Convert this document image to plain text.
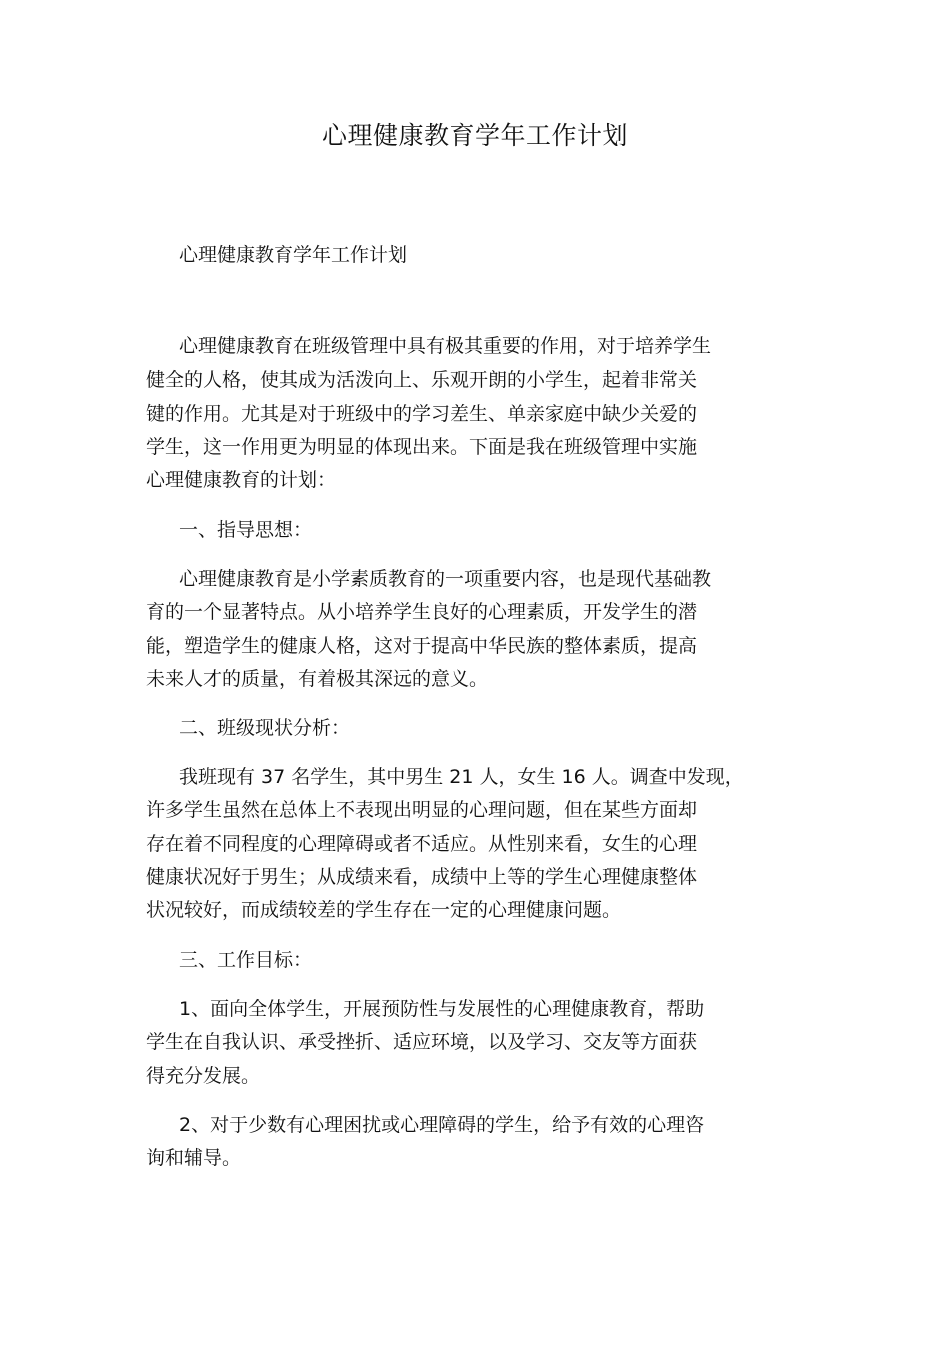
心理健康教育学年工作计划
心理健康教育学年工作计划
心理健康教育在班级管理中具有极其重要的作用，对于培养学生
健全的人格，使其成为活泼向上、乐观开朗的小学生，起着非常关
键的作用。尤其是对于班级中的学习差生、单亲家庭中缺少关爱的
学生，这一作用更为明显的体现出来。下面是我在班级管理中实施
心理健康教育的计划：
一、指导思想：
心理健康教育是小学素质教育的一项重要内容，也是现代基础教
育的一个显著特点。从小培养学生良好的心理素质，开发学生的潜
能，塑造学生的健康人格，这对于提高中华民族的整体素质，提高
未来人才的质量，有着极其深远的意义。
二、班级现状分析：
我班现有 37 名学生，其中男生 21 人，女生 16 人。调查中发现，
许多学生虽然在总体上不表现出明显的心理问题，但在某些方面却
存在着不同程度的心理障碍或者不适应。从性别来看，女生的心理
健康状况好于男生；从成绩来看，成绩中上等的学生心理健康整体
状况较好，而成绩较差的学生存在一定的心理健康问题。
三、工作目标：
1、面向全体学生，开展预防性与发展性的心理健康教育，帮助
学生在自我认识、承受挫折、适应环境，以及学习、交友等方面获
得充分发展。
2、对于少数有心理困扰或心理障碍的学生，给予有效的心理咨
询和辅导。
